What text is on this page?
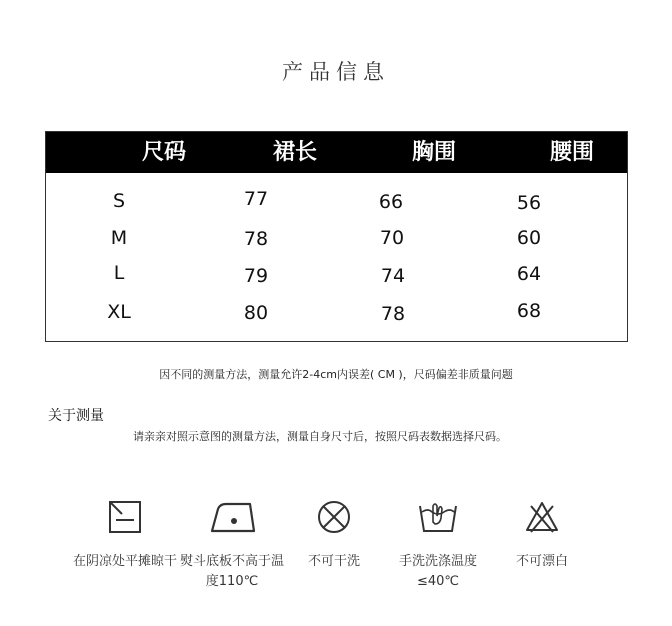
产品信息
尺码	裙长	胸围	腰围
S	77	66	56
M	78	70	60
L	79	74	64
XL	80	78	68
因不同的测量方法，测量允许2-4cm内误差( CM )，尺码偏差非质量问题
关于测量
请亲亲对照示意图的测量方法，测量自身尺寸后，按照尺码表数据选择尺码。
在阴凉处平摊晾干 熨斗底板不高于温度110℃
不可干洗	手洗洗涤温度≤40℃
不可漂白
